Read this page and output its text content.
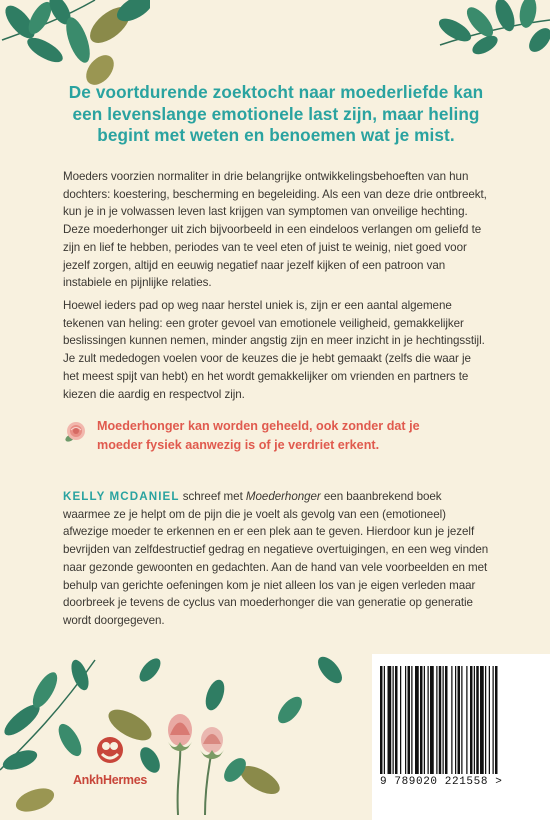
De voortdurende zoektocht naar moederliefde kan een levenslange emotionele last zijn, maar heling begint met weten en benoemen wat je mist.

Moeders voorzien normaliter in drie belangrijke ontwikkelingsbehoeften van hun dochters: koestering, bescherming en begeleiding. Als een van deze drie ontbreekt, kun je in je volwassen leven last krijgen van symptomen van onveilige hechting. Deze moederhonger uit zich bijvoorbeeld in een eindeloos verlangen om geliefd te zijn en lief te hebben, periodes van te veel eten of juist te weinig, niet goed voor jezelf zorgen, altijd en eeuwig negatief naar jezelf kijken of een patroon van instabiele en pijnlijke relaties.

Hoewel ieders pad op weg naar herstel uniek is, zijn er een aantal algemene tekenen van heling: een groter gevoel van emotionele veiligheid, gemakkelijker beslissingen kunnen nemen, minder angstig zijn en meer inzicht in je hechtingsstijl. Je zult mededogen voelen voor de keuzes die je hebt gemaakt (zelfs die waar je het meest spijt van hebt) en het wordt gemakkelijker om vrienden en partners te kiezen die aardig en respectvol zijn.

Moederhonger kan worden geheeld, ook zonder dat je moeder fysiek aanwezig is of je verdriet erkent.

KELLY MCDANIEL schreef met Moederhonger een baanbrekend boek waarmee ze je helpt om de pijn die je voelt als gevolg van een (emotioneel) afwezige moeder te erkennen en er een plek aan te geven. Hierdoor kun je jezelf bevrijden van zelfdestructief gedrag en negatieve overtuigingen, en een weg vinden naar gezonde gewoonten en gedachten. Aan de hand van vele voorbeelden en met behulp van gerichte oefeningen kom je niet alleen los van je eigen verleden maar doorbreek je tevens de cyclus van moederhonger die van generatie op generatie wordt doorgegeven.

AnkhHermes	9 789020 221558 >
